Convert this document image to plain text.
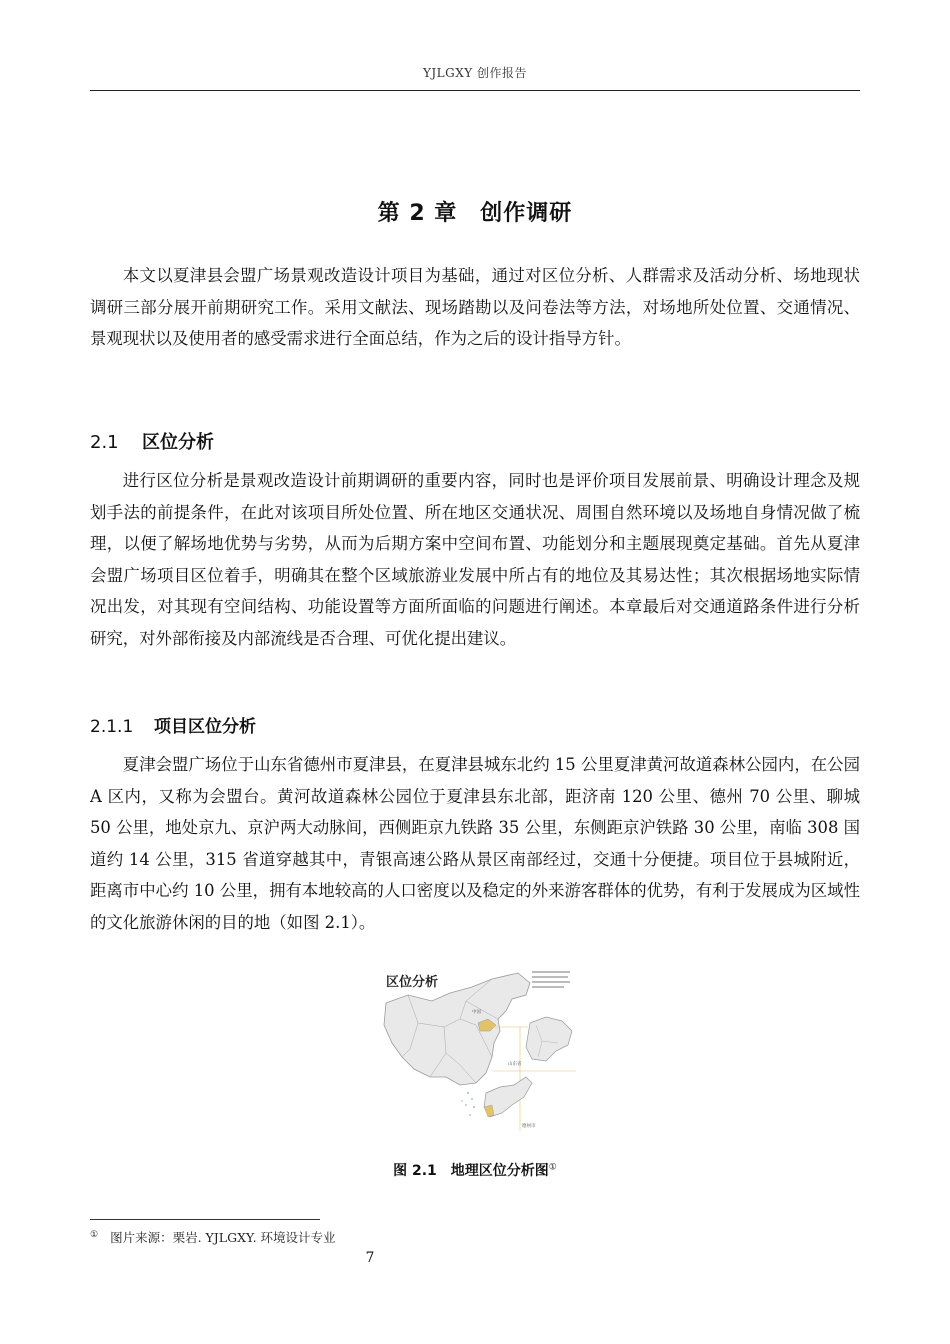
YJLGXY 创作报告
第 2 章　创作调研

本文以夏津县会盟广场景观改造设计项目为基础，通过对区位分析、人群需求及活动分析、场地现状调研三部分展开前期研究工作。采用文献法、现场踏勘以及问卷法等方法，对场地所处位置、交通情况、景观现状以及使用者的感受需求进行全面总结，作为之后的设计指导方针。

2.1 区位分析

进行区位分析是景观改造设计前期调研的重要内容，同时也是评价项目发展前景、明确设计理念及规划手法的前提条件，在此对该项目所处位置、所在地区交通状况、周围自然环境以及场地自身情况做了梳理，以便了解场地优势与劣势，从而为后期方案中空间布置、功能划分和主题展现奠定基础。首先从夏津会盟广场项目区位着手，明确其在整个区域旅游业发展中所占有的地位及其易达性；其次根据场地实际情况出发，对其现有空间结构、功能设置等方面所面临的问题进行阐述。本章最后对交通道路条件进行分析研究，对外部衔接及内部流线是否合理、可优化提出建议。

2.1.1 项目区位分析

夏津会盟广场位于山东省德州市夏津县，在夏津县城东北约 15 公里夏津黄河故道森林公园内，在公园 A 区内，又称为会盟台。黄河故道森林公园位于夏津县东北部，距济南 120 公里、德州 70 公里、聊城 50 公里，地处京九、京沪两大动脉间，西侧距京九铁路 35 公里，东侧距京沪铁路 30 公里，南临 308 国道约 14 公里，315 省道穿越其中，青银高速公路从景区南部经过，交通十分便捷。项目位于县城附近，距离市中心约 10 公里，拥有本地较高的人口密度以及稳定的外来游客群体的优势，有利于发展成为区域性的文化旅游休闲的目的地（如图 2.1）。

区位分析
中国
山东省
德州市
图 2.1　地理区位分析图①
① 图片来源：栗岩. YJLGXY. 环境设计专业
7
